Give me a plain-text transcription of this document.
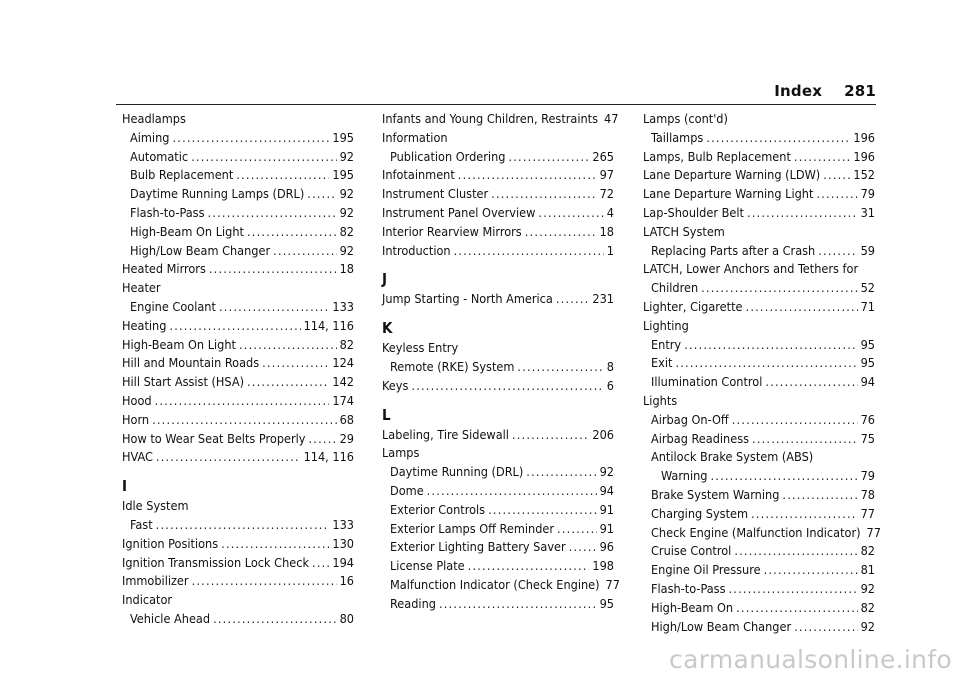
Index 281
Headlamps
Aiming .....	195
Automatic .....	92
Bulb Replacement .....	195
Daytime Running Lamps (DRL) .....	92
Flash-to-Pass .....	92
High-Beam On Light .....	82
High/Low Beam Changer .....	92
Heated Mirrors .....	18
Heater
Engine Coolant .....	133
Heating .....	114, 116
High-Beam On Light .....	82
Hill and Mountain Roads .....	124
Hill Start Assist (HSA) .....	142
Hood .....	174
Horn .....	68
How to Wear Seat Belts Properly .....	29
HVAC .....	114, 116
I
Idle System
Fast .....	133
Ignition Positions .....	130
Ignition Transmission Lock Check ..... 194
Immobilizer .....	16
Indicator
Vehicle Ahead .....	80
Infants and Young Children, Restraints 47
Information
Publication Ordering .....	265
Infotainment .....	97
Instrument Cluster .....	72
Instrument Panel Overview .....	4
Interior Rearview Mirrors .....	18
Introduction .....	1
J
Jump Starting - North America .....	231
K
Keyless Entry
Remote (RKE) System .....	8
Keys .....	6
L
Labeling, Tire Sidewall .....	206
Lamps
Daytime Running (DRL) .....	92
Dome .....	94
Exterior Controls .....	91
Exterior Lamps Off Reminder .....	91
Exterior Lighting Battery Saver .....	96
License Plate .....	198
Malfunction Indicator (Check Engine) 77
Reading .....	95
Lamps (cont'd)
Taillamps .....	196
Lamps, Bulb Replacement .....	196
Lane Departure Warning (LDW) .....	152
Lane Departure Warning Light .....	79
Lap-Shoulder Belt .....	31
LATCH System
Replacing Parts after a Crash .....	59
LATCH, Lower Anchors and Tethers for
Children .....	52
Lighter, Cigarette .....	71
Lighting
Entry .....	95
Exit .....	95
Illumination Control .....	94
Lights
Airbag On-Off .....	76
Airbag Readiness .....	75
Antilock Brake System (ABS)
Warning .....	79
Brake System Warning .....	78
Charging System .....	77
Check Engine (Malfunction Indicator) 77
Cruise Control .....	82
Engine Oil Pressure .....	81
Flash-to-Pass .....	92
High-Beam On .....	82
High/Low Beam Changer .....	92
carmanualsonline.info
